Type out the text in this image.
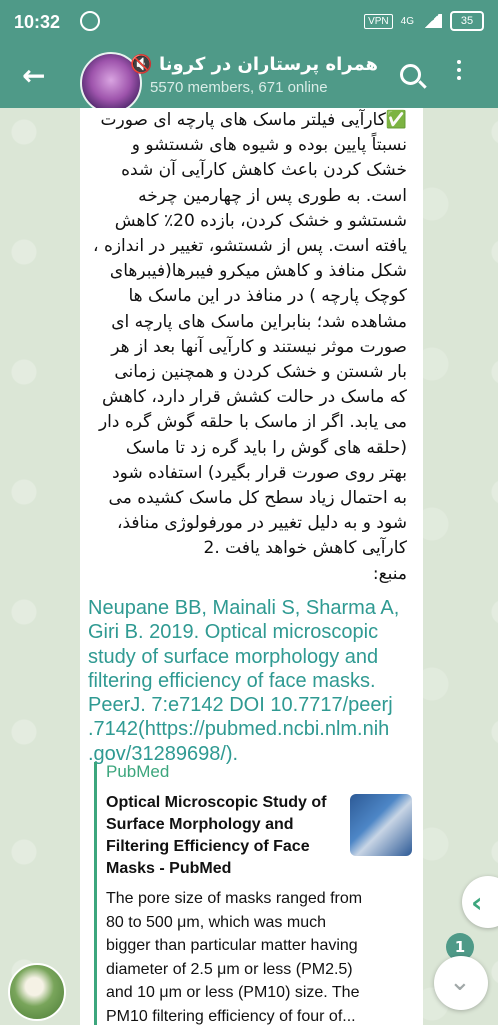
10:32	VPN	4G	35
←	همراه پرستاران در کرونا 🔇
5570 members, 671 online
✅کارآیی فیلتر ماسک های پارچه ای صورت
نسبتاً پایین بوده و شیوه های شستشو و
خشک کردن باعث کاهش کارآیی آن شده
است. به طوری پس از چهارمین چرخه
شستشو و خشک کردن، بازده 20٪ کاهش
یافته است. پس از شستشو، تغییر در اندازه ،
شکل منافذ و کاهش میکرو فیبرها(فیبرهای
کوچک پارچه ) در منافذ در این ماسک ها
مشاهده شد؛ بنابراین ماسک های پارچه ای
صورت موثر نیستند و کارآیی آنها بعد از هر
بار شستن و خشک کردن و همچنین زمانی
که ماسک در حالت کشش قرار دارد، کاهش
می یابد. اگر از ماسک با حلقه گوش گره دار
(حلقه های گوش را باید گره زد تا ماسک
بهتر روی صورت قرار بگیرد) استفاده شود
به احتمال زیاد سطح کل ماسک کشیده می
شود و به دلیل تغییر در مورفولوژی منافذ،
کارآیی کاهش خواهد یافت .2
منبع:
Neupane BB, Mainali S, Sharma A,
Giri B. 2019. Optical microscopic
study of surface morphology and
filtering efficiency of face masks.
PeerJ. 7:e7142 DOI 10.7717/peerj
.7142(https://pubmed.ncbi.nlm.nih
.gov/31289698/).
PubMed
Optical Microscopic Study of
Surface Morphology and
Filtering Efficiency of Face
Masks - PubMed
The pore size of masks ranged from
80 to 500 μm, which was much
bigger than particular matter having
diameter of 2.5 μm or less (PM2.5)
and 10 μm or less (PM10) size. The
PM10 filtering efficiency of four of...
‹
1
⌄
